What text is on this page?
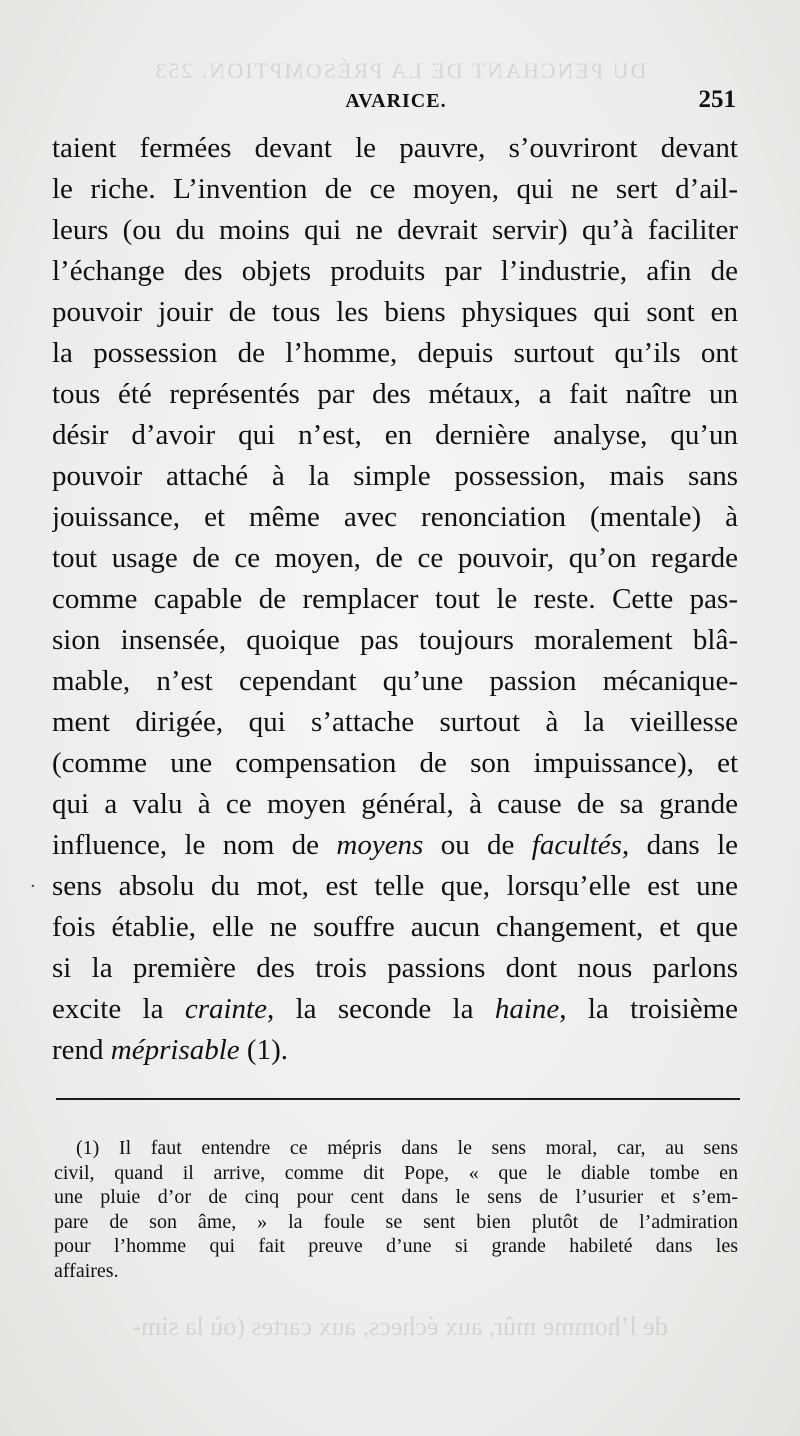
DU PENCHANT DE LA PRÉSOMPTION. 253
de l’homme mûr, aux échecs, aux cartes (où la sim-
AVARICE.	251
taient fermées devant le pauvre, s’ouvriront devant
le riche. L’invention de ce moyen, qui ne sert d’ail-
leurs (ou du moins qui ne devrait servir) qu’à faciliter
l’échange des objets produits par l’industrie, afin de
pouvoir jouir de tous les biens physiques qui sont en
la possession de l’homme, depuis surtout qu’ils ont
tous été représentés par des métaux, a fait naître un
désir d’avoir qui n’est, en dernière analyse, qu’un
pouvoir attaché à la simple possession, mais sans
jouissance, et même avec renonciation (mentale) à
tout usage de ce moyen, de ce pouvoir, qu’on regarde
comme capable de remplacer tout le reste. Cette pas-
sion insensée, quoique pas toujours moralement blâ-
mable, n’est cependant qu’une passion mécanique-
ment dirigée, qui s’attache surtout à la vieillesse
(comme une compensation de son impuissance), et
qui a valu à ce moyen général, à cause de sa grande
influence, le nom de moyens ou de facultés, dans le
sens absolu du mot, est telle que, lorsqu’elle est une
fois établie, elle ne souffre aucun changement, et que
si la première des trois passions dont nous parlons
excite la crainte, la seconde la haine, la troisième
rend méprisable (1).
·
(1) Il faut entendre ce mépris dans le sens moral, car, au sens
civil, quand il arrive, comme dit Pope, « que le diable tombe en
une pluie d’or de cinq pour cent dans le sens de l’usurier et s’em-
pare de son âme, » la foule se sent bien plutôt de l’admiration
pour l’homme qui fait preuve d’une si grande habileté dans les
affaires.
